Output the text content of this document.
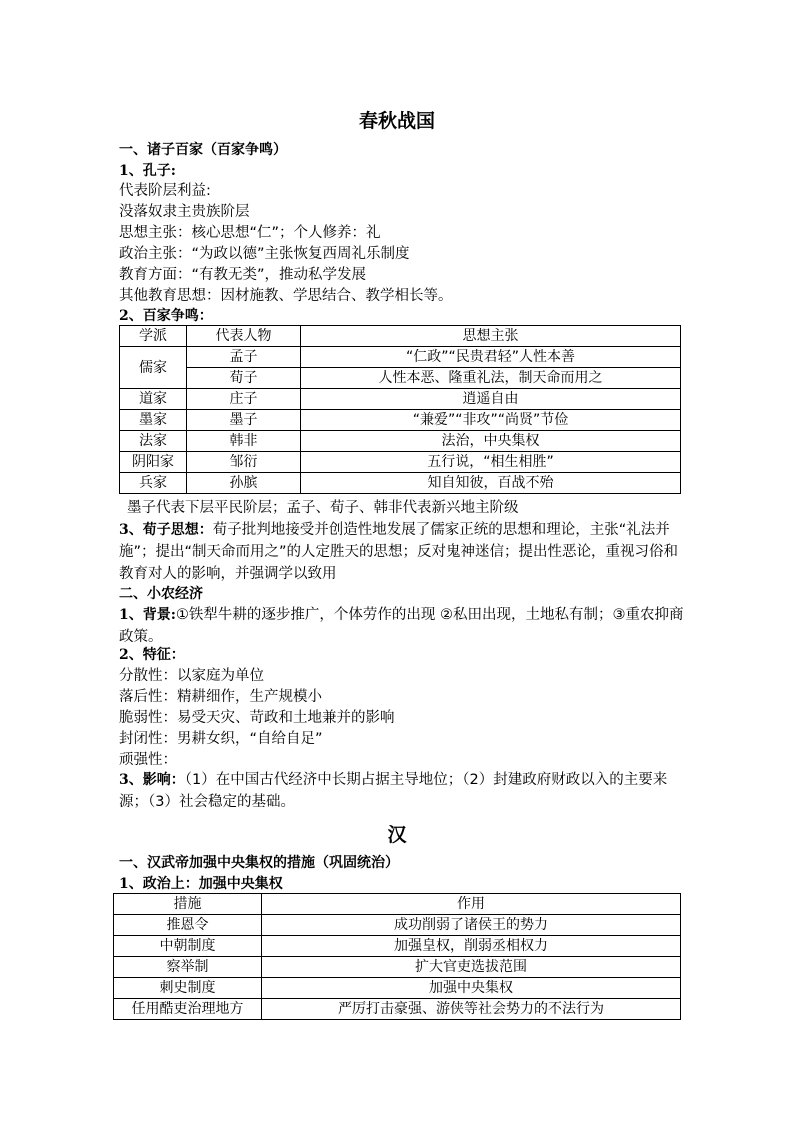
春秋战国
一、诸子百家（百家争鸣）
1、孔子:
代表阶层利益:
没落奴隶主贵族阶层
思想主张：核心思想“仁”；个人修养：礼
政治主张：“为政以德”主张恢复西周礼乐制度
教育方面：“有教无类”，推动私学发展
其他教育思想：因材施教、学思结合、教学相长等。
2、百家争鸣：
学派	代表人物	思想主张
儒家	孟子	“仁政”“民贵君轻”人性本善
	荀子	人性本恶、隆重礼法，制天命而用之
道家	庄子	逍遥自由
墨家	墨子	“兼爱”“非攻”“尚贤”节俭
法家	韩非	法治，中央集权
阴阳家	邹衍	五行说，“相生相胜”
兵家	孙膑	知自知彼，百战不殆
墨子代表下层平民阶层；孟子、荀子、韩非代表新兴地主阶级
3、荀子思想：荀子批判地接受并创造性地发展了儒家正统的思想和理论，主张“礼法并施”；提出“制天命而用之”的人定胜天的思想；反对鬼神迷信；提出性恶论，重视习俗和教育对人的影响，并强调学以致用
二、小农经济
1、背景:①铁犁牛耕的逐步推广，个体劳作的出现 ②私田出现，土地私有制；③重农抑商政策。
2、特征：
分散性：以家庭为单位
落后性：精耕细作，生产规模小
脆弱性：易受天灾、苛政和土地兼并的影响
封闭性：男耕女织，“自给自足”
顽强性：
3、影响：（1）在中国古代经济中长期占据主导地位；（2）封建政府财政以入的主要来源；（3）社会稳定的基础。
汉
一、汉武帝加强中央集权的措施（巩固统治）
1、政治上：加强中央集权
措施	作用
推恩令	成功削弱了诸侯王的势力
中朝制度	加强皇权，削弱丞相权力
察举制	扩大官吏选拔范围
刺史制度	加强中央集权
任用酷吏治理地方	严厉打击豪强、游侠等社会势力的不法行为
